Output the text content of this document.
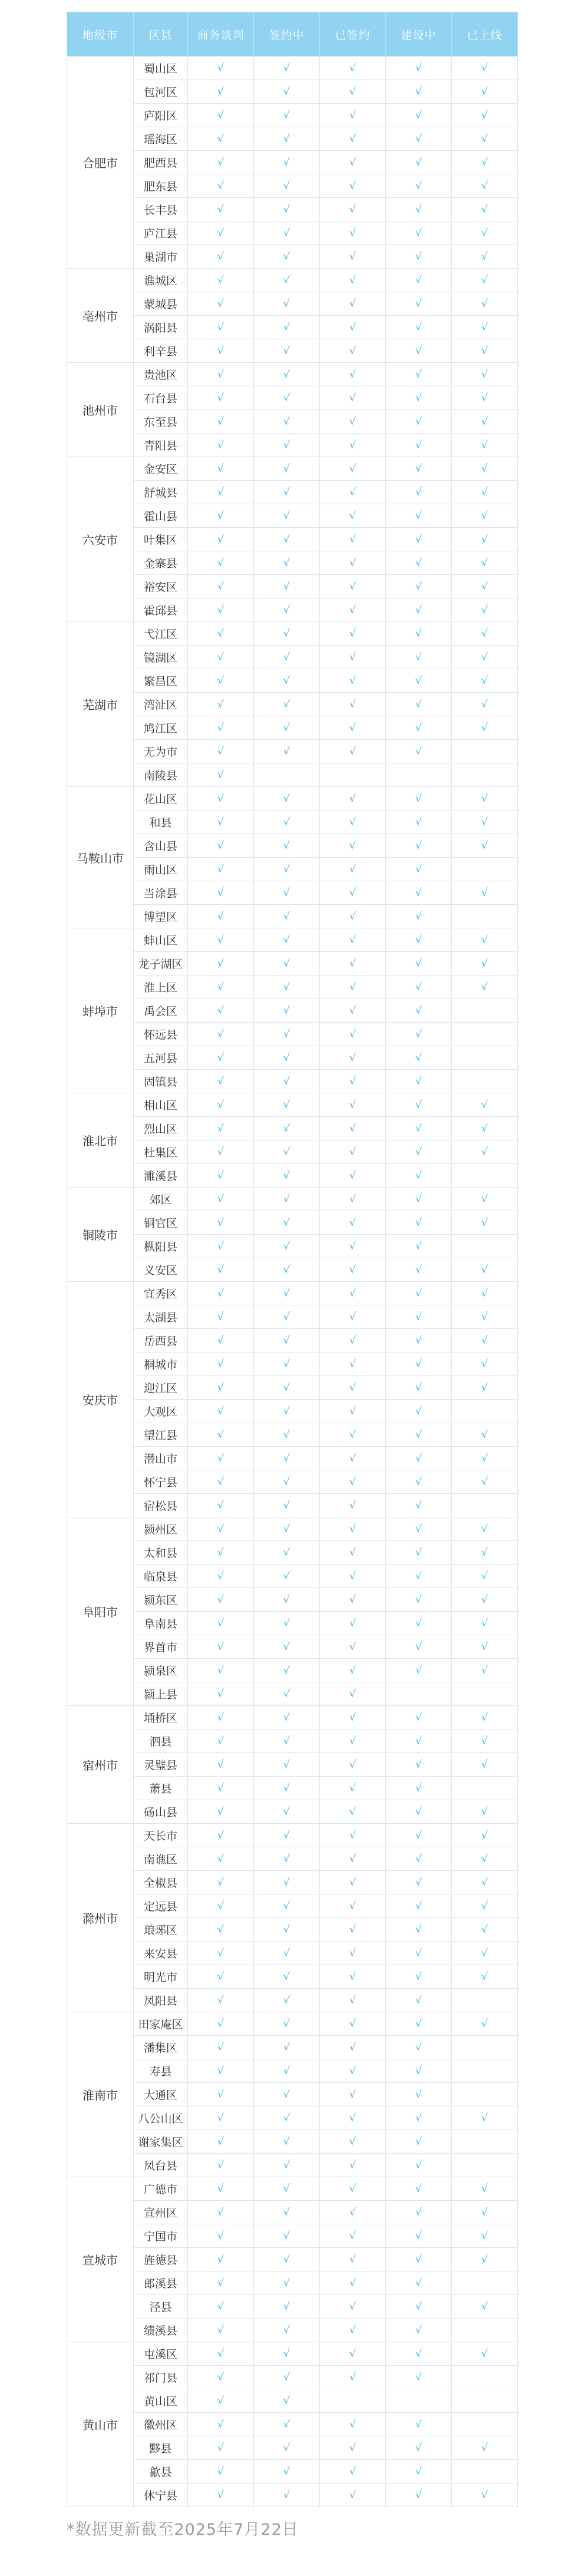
地级市	区县	商务谈判	签约中	已签约	建设中	已上线
合肥市	蜀山区	√	√	√	√	√
	包河区	√	√	√	√	√
	庐阳区	√	√	√	√	√
	瑶海区	√	√	√	√	√
	肥西县	√	√	√	√	√
	肥东县	√	√	√	√	√
	长丰县	√	√	√	√	√
	庐江县	√	√	√	√	√
	巢湖市	√	√	√	√	√
亳州市	谯城区	√	√	√	√	√
	蒙城县	√	√	√	√	√
	涡阳县	√	√	√	√	√
	利辛县	√	√	√	√	√
池州市	贵池区	√	√	√	√	√
	石台县	√	√	√	√	√
	东至县	√	√	√	√	√
	青阳县	√	√	√	√	√
六安市	金安区	√	√	√	√	√
	舒城县	√	√	√	√	√
	霍山县	√	√	√	√	√
	叶集区	√	√	√	√	√
	金寨县	√	√	√	√	√
	裕安区	√	√	√	√	√
	霍邱县	√	√	√	√	√
芜湖市	弋江区	√	√	√	√	√
	镜湖区	√	√	√	√	√
	繁昌区	√	√	√	√	√
	湾沚区	√	√	√	√	√
	鸠江区	√	√	√	√	√
	无为市	√	√	√	√	
	南陵县	√				
马鞍山市	花山区	√	√	√	√	√
	和县	√	√	√	√	√
	含山县	√	√	√	√	√
	雨山区	√	√	√	√	
	当涂县	√	√	√	√	√
	博望区	√	√	√	√	
蚌埠市	蚌山区	√	√	√	√	√
	龙子湖区	√	√	√	√	√
	淮上区	√	√	√	√	√
	禹会区	√	√	√	√	
	怀远县	√	√	√	√	
	五河县	√	√	√	√	
	固镇县	√	√	√	√	
淮北市	相山区	√	√	√	√	√
	烈山区	√	√	√	√	√
	杜集区	√	√	√	√	√
	濉溪县	√	√	√	√	
铜陵市	郊区	√	√	√	√	√
	铜官区	√	√	√	√	√
	枞阳县	√	√	√	√	
	义安区	√	√	√	√	√
安庆市	宜秀区	√	√	√	√	√
	太湖县	√	√	√	√	√
	岳西县	√	√	√	√	√
	桐城市	√	√	√	√	√
	迎江区	√	√	√	√	√
	大观区	√	√	√	√	
	望江县	√	√	√	√	√
	潜山市	√	√	√	√	√
	怀宁县	√	√	√	√	√
	宿松县	√	√	√	√	
阜阳市	颍州区	√	√	√	√	√
	太和县	√	√	√	√	√
	临泉县	√	√	√	√	√
	颍东区	√	√	√	√	√
	阜南县	√	√	√	√	√
	界首市	√	√	√	√	√
	颍泉区	√	√	√	√	√
	颍上县	√	√	√		
宿州市	埇桥区	√	√	√	√	√
	泗县	√	√	√	√	√
	灵璧县	√	√	√	√	√
	萧县	√	√	√	√	
	砀山县	√	√	√	√	√
滁州市	天长市	√	√	√	√	√
	南谯区	√	√	√	√	√
	全椒县	√	√	√	√	√
	定远县	√	√	√	√	√
	琅琊区	√	√	√	√	√
	来安县	√	√	√	√	√
	明光市	√	√	√	√	√
	凤阳县	√	√	√	√	
淮南市	田家庵区	√	√	√	√	√
	潘集区	√	√	√	√	
	寿县	√	√	√	√	
	大通区	√	√	√	√	
	八公山区	√	√	√	√	√
	谢家集区	√	√	√	√	
	凤台县	√	√	√	√	
宣城市	广德市	√	√	√	√	√
	宣州区	√	√	√	√	√
	宁国市	√	√	√	√	√
	旌德县	√	√	√	√	√
	郎溪县	√	√	√	√	
	泾县	√	√	√	√	√
	绩溪县	√	√	√	√	
黄山市	屯溪区	√	√	√	√	√
	祁门县	√	√	√	√	
	黄山区	√	√			
	徽州区	√	√	√	√	
	黟县	√	√	√	√	√
	歙县	√	√	√	√	
	休宁县	√	√	√	√	√
*数据更新截至2025年7月22日
